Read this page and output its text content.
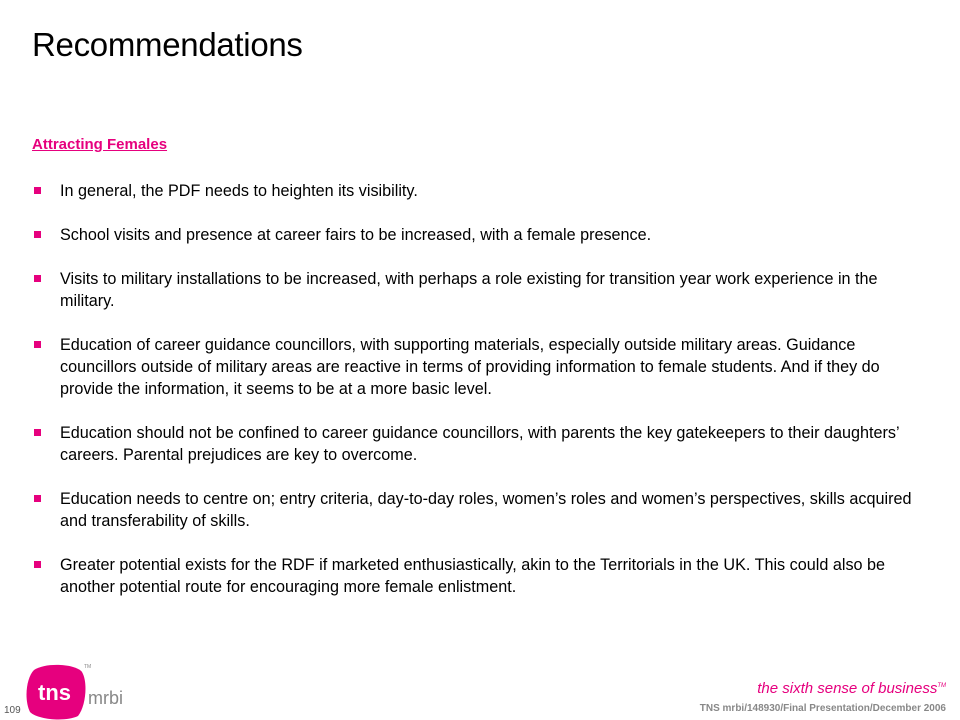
Recommendations
Attracting Females
In general, the PDF needs to heighten its visibility.
School visits and presence at career fairs to be increased, with a female presence.
Visits to military installations to be increased, with perhaps a role existing for transition year work experience in the military.
Education of career guidance councillors, with supporting materials, especially outside military areas. Guidance councillors outside of military areas are reactive in terms of providing information to female students. And if they do provide the information, it seems to be at a more basic level.
Education should not be confined to career guidance councillors, with parents the key gatekeepers to their daughters’ careers. Parental prejudices are key to overcome.
Education needs to centre on; entry criteria, day-to-day roles, women’s roles and women’s perspectives, skills acquired and transferability of skills.
Greater potential exists for the RDF if marketed enthusiastically, akin to the Territorials in the UK. This could also be another potential route for encouraging more female enlistment.
tns mrbi
TM
109
the sixth sense of business™
TNS mrbi/148930/Final Presentation/December 2006
